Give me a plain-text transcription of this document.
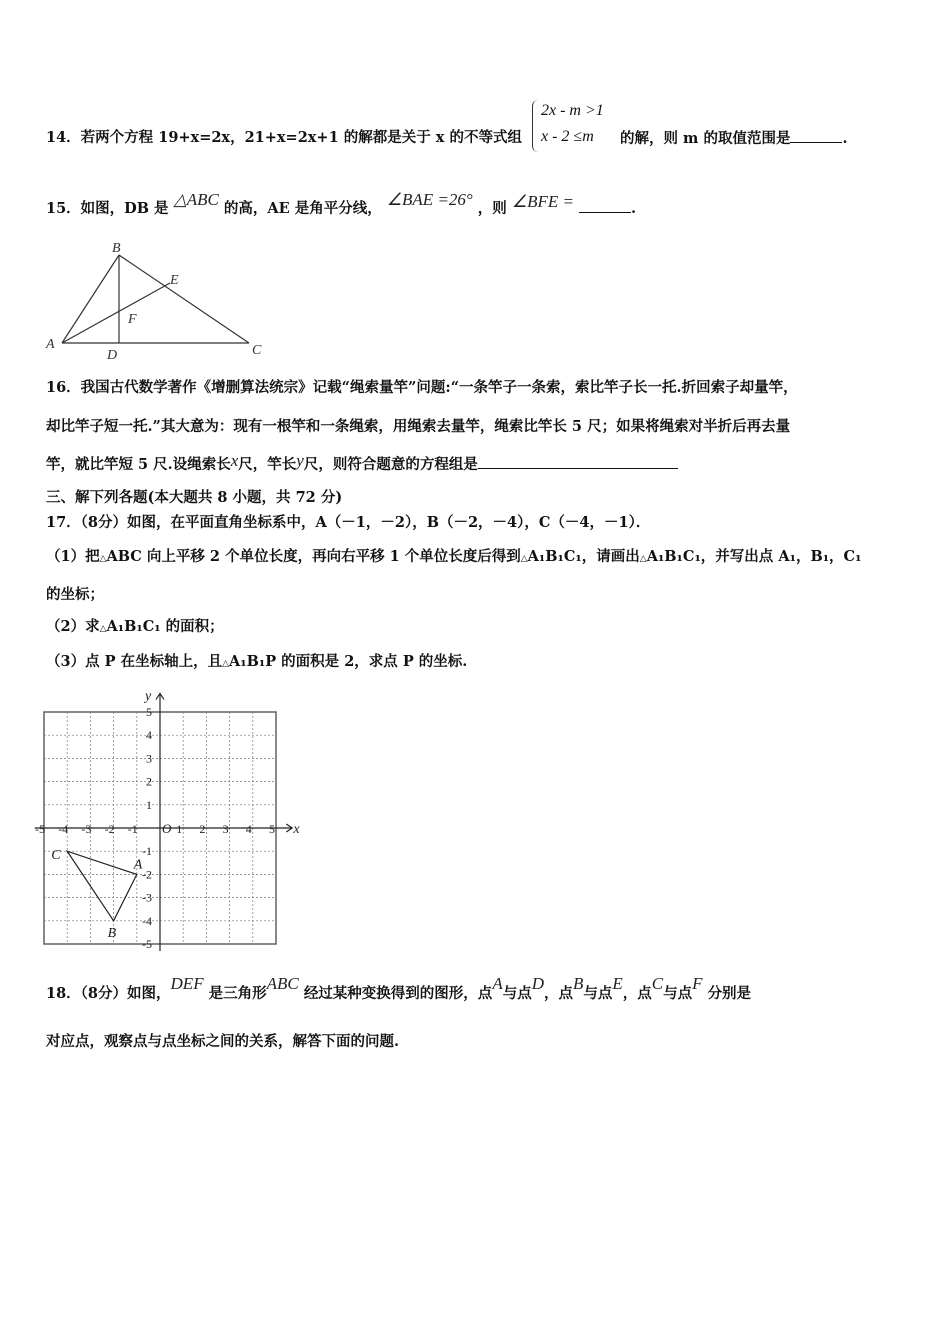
14．若两个方程 19+x=2x，21+x=2x+1 的解都是关于 x 的不等式组
2x - m >1
x - 2 ≤m 的解，则 m 的取值范围是	.
15．如图，DB 是 △ABC 的高，AE 是角平分线， ∠BAE =26° ，则 ∠BFE =	.
B
E
F
A
D	C
16．我国古代数学著作《增删算法统宗》记载“绳索量竿”问题:“一条竿子一条索，索比竿子长一托.折回索子却量竿，
却比竿子短一托.”其大意为：现有一根竿和一条绳索，用绳索去量竿，绳索比竿长 5 尺；如果将绳索对半折后再去量
竿，就比竿短 5 尺.设绳索长x尺，竿长y尺，则符合题意的方程组是
三、解下列各题(本大题共 8 小题，共 72 分)
17．（8分）如图，在平面直角坐标系中，A（－1，－2），B（－2，－4），C（－4，－1）．
（1）把△ABC 向上平移 2 个单位长度，再向右平移 1 个单位长度后得到△A₁B₁C₁，请画出△A₁B₁C₁，并写出点 A₁，B₁，C₁
的坐标；
（2）求△A₁B₁C₁ 的面积；
（3）点 P 在坐标轴上，且△A₁B₁P 的面积是 2，求点 P 的坐标.
x
y
O
-5 -4 -3 -2 -1	1 2 3 4 5
5
4
3
2
1
-1
-2
-3
-4
-5
A
B
C
18．（8分）如图，DEF 是三角形ABC 经过某种变换得到的图形，点A与点D，点B与点E，点C与点F 分别是
对应点，观察点与点坐标之间的关系，解答下面的问题.
